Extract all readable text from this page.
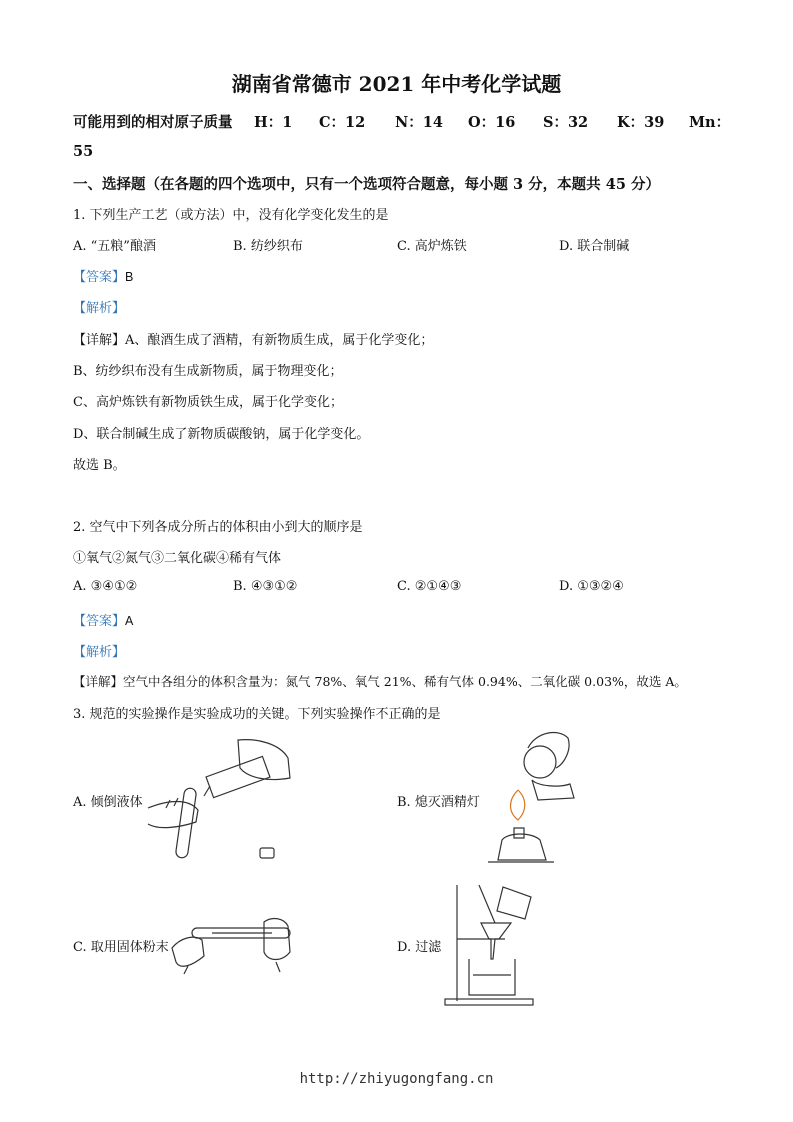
湖南省常德市 2021 年中考化学试题
可能用到的相对原子质量 H：1 C：12 N：14 O：16 S：32 K：39 Mn：
55
一、选择题（在各题的四个选项中，只有一个选项符合题意，每小题 3 分，本题共 45 分）
1. 下列生产工艺（或方法）中，没有化学变化发生的是
A. “五粮”酿酒	B. 纺纱织布	C. 高炉炼铁	D. 联合制碱
【答案】B
【解析】
【详解】A、酿酒生成了酒精，有新物质生成，属于化学变化；
B、纺纱织布没有生成新物质，属于物理变化；
C、高炉炼铁有新物质铁生成，属于化学变化；
D、联合制碱生成了新物质碳酸钠，属于化学变化。
故选 B。
2. 空气中下列各成分所占的体积由小到大的顺序是
①氧气②氮气③二氧化碳④稀有气体
A. ③④①②	B. ④③①②	C. ②①④③	D. ①③②④
【答案】A
【解析】
【详解】空气中各组分的体积含量为：氮气 78%、氧气 21%、稀有气体 0.94%、二氧化碳 0.03%，故选 A。
3. 规范的实验操作是实验成功的关键。下列实验操作不正确的是
A. 倾倒液体	B. 熄灭酒精灯
C. 取用固体粉末	D. 过滤
http://zhiyugongfang.cn
